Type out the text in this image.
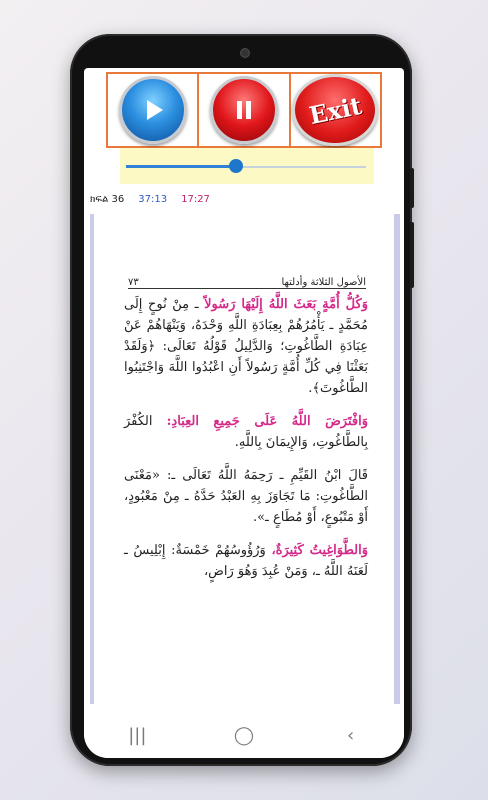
Exit
ክፍል 36 37:13 17:27
٧٣	الأصول الثلاثة وأدلتها

وَكُلُّ أُمَّةٍ بَعَثَ اللَّهُ إِلَيْهَا رَسُولاً ـ مِنْ نُوحٍ إِلَى مُحَمَّدٍ ـ يَأْمُرُهُمْ بِعِبَادَةِ اللَّهِ وَحْدَهُ، وَيَنْهَاهُمْ عَنْ عِبَادَةِ الطَّاغُوتِ؛ وَالدَّلِيلُ قَوْلُهُ تَعَالَى: ﴿وَلَقَدْ بَعَثْنَا فِي كُلِّ أُمَّةٍ رَسُولاً أَنِ اعْبُدُوا اللَّهَ وَاجْتَنِبُوا الطَّاغُوتَ﴾.

وَافْتَرَضَ اللَّهُ عَلَى جَمِيعِ العِبَادِ: الكُفْرَ بِالطَّاغُوتِ، وَالإِيمَانَ بِاللَّهِ.

قَالَ ابْنُ القَيِّمِ ـ رَحِمَهُ اللَّهُ تَعَالَى ـ: «مَعْنَى الطَّاغُوتِ: مَا تَجَاوَزَ بِهِ العَبْدُ حَدَّهُ ـ مِنْ مَعْبُودٍ، أَوْ مَتْبُوعٍ، أَوْ مُطَاعٍ ـ».

وَالطَّوَاغِيتُ كَثِيرَةٌ، وَرُؤُوسُهُمْ خَمْسَةٌ: إِبْلِيسُ ـ لَعَنَهُ اللَّهُ ـ، وَمَنْ عُبِدَ وَهُوَ رَاضٍ،

|||	◯	‹
